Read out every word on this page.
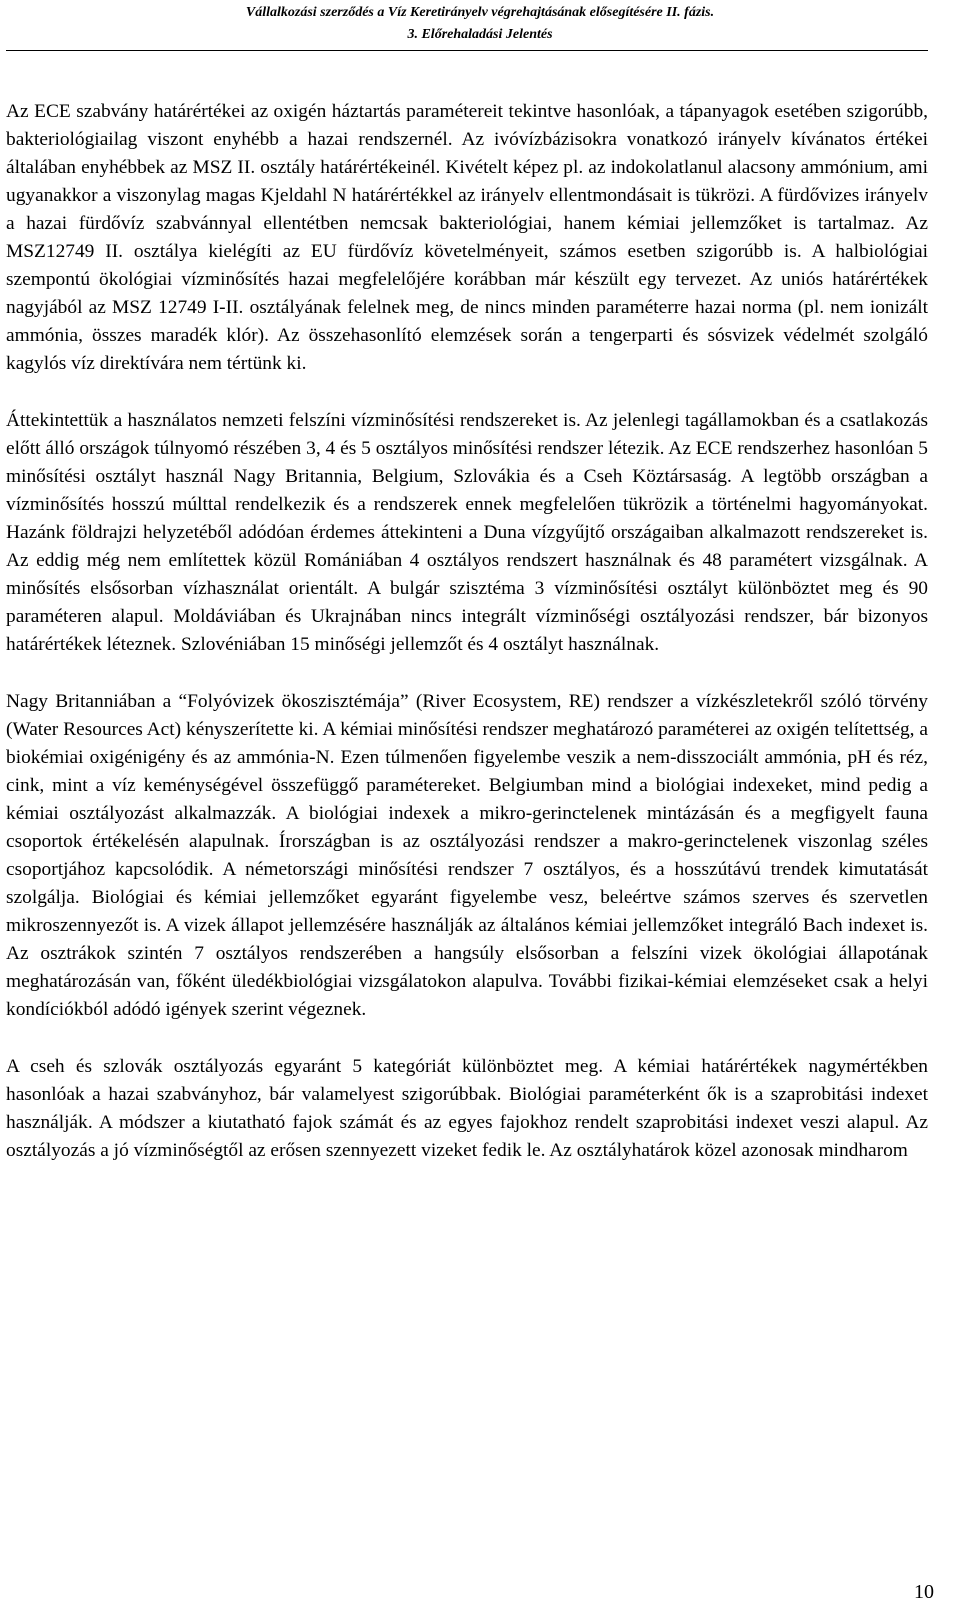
Vállalkozási szerződés a Víz Keretirányelv végrehajtásának elősegítésére II. fázis.
3. Előrehaladási Jelentés

Az ECE szabvány határértékei az oxigén háztartás paramétereit tekintve hasonlóak, a tápanyagok esetében szigorúbb, bakteriológiailag viszont enyhébb a hazai rendszernél. Az ivóvízbázisokra vonatkozó irányelv kívánatos értékei általában enyhébbek az MSZ II. osztály határértékeinél. Kivételt képez pl. az indokolatlanul alacsony ammónium, ami ugyanakkor a viszonylag magas Kjeldahl N határértékkel az irányelv ellentmondásait is tükrözi. A fürdővizes irányelv a hazai fürdővíz szabvánnyal ellentétben nemcsak bakteriológiai, hanem kémiai jellemzőket is tartalmaz. Az MSZ12749 II. osztálya kielégíti az EU fürdővíz követelményeit, számos esetben szigorúbb is. A halbiológiai szempontú ökológiai vízminősítés hazai megfelelőjére korábban már készült egy tervezet. Az uniós határértékek nagyjából az MSZ 12749 I-II. osztályának felelnek meg, de nincs minden paraméterre hazai norma (pl. nem ionizált ammónia, összes maradék klór). Az összehasonlító elemzések során a tengerparti és sósvizek védelmét szolgáló kagylós víz direktívára nem tértünk ki.

Áttekintettük a használatos nemzeti felszíni vízminősítési rendszereket is. Az jelenlegi tagállamokban és a csatlakozás előtt álló országok túlnyomó részében 3, 4 és 5 osztályos minősítési rendszer létezik. Az ECE rendszerhez hasonlóan 5 minősítési osztályt használ Nagy Britannia, Belgium, Szlovákia és a Cseh Köztársaság. A legtöbb országban a vízminősítés hosszú múlttal rendelkezik és a rendszerek ennek megfelelően tükrözik a történelmi hagyományokat. Hazánk földrajzi helyzetéből adódóan érdemes áttekinteni a Duna vízgyűjtő országaiban alkalmazott rendszereket is. Az eddig még nem említettek közül Romániában 4 osztályos rendszert használnak és 48 paramétert vizsgálnak. A minősítés elsősorban vízhasználat orientált. A bulgár szisztéma 3 vízminősítési osztályt különböztet meg és 90 paraméteren alapul. Moldáviában és Ukrajnában nincs integrált vízminőségi osztályozási rendszer, bár bizonyos határértékek léteznek. Szlovéniában 15 minőségi jellemzőt és 4 osztályt használnak.

Nagy Britanniában a “Folyóvizek ökoszisztémája” (River Ecosystem, RE) rendszer a vízkészletekről szóló törvény (Water Resources Act) kényszerítette ki. A kémiai minősítési rendszer meghatározó paraméterei az oxigén telítettség, a biokémiai oxigénigény és az ammónia-N. Ezen túlmenően figyelembe veszik a nem-disszociált ammónia, pH és réz, cink, mint a víz keménységével összefüggő paramétereket. Belgiumban mind a biológiai indexeket, mind pedig a kémiai osztályozást alkalmazzák. A biológiai indexek a mikro-gerinctelenek mintázásán és a megfigyelt fauna csoportok értékelésén alapulnak. Írországban is az osztályozási rendszer a makro-gerinctelenek viszonlag széles csoportjához kapcsolódik. A németországi minősítési rendszer 7 osztályos, és a hosszútávú trendek kimutatását szolgálja. Biológiai és kémiai jellemzőket egyaránt figyelembe vesz, beleértve számos szerves és szervetlen mikroszennyezőt is. A vizek állapot jellemzésére használják az általános kémiai jellemzőket integráló Bach indexet is. Az osztrákok szintén 7 osztályos rendszerében a hangsúly elsősorban a felszíni vizek ökológiai állapotának meghatározásán van, főként üledékbiológiai vizsgálatokon alapulva. További fizikai-kémiai elemzéseket csak a helyi kondíciókból adódó igények szerint végeznek.

A cseh és szlovák osztályozás egyaránt 5 kategóriát különböztet meg. A kémiai határértékek nagymértékben hasonlóak a hazai szabványhoz, bár valamelyest szigorúbbak. Biológiai paraméterként ők is a szaprobitási indexet használják. A módszer a kiutatható fajok számát és az egyes fajokhoz rendelt szaprobitási indexet veszi alapul. Az osztályozás a jó vízminőségtől az erősen szennyezett vizeket fedik le. Az osztályhatárok közel azonosak mindharom

10
